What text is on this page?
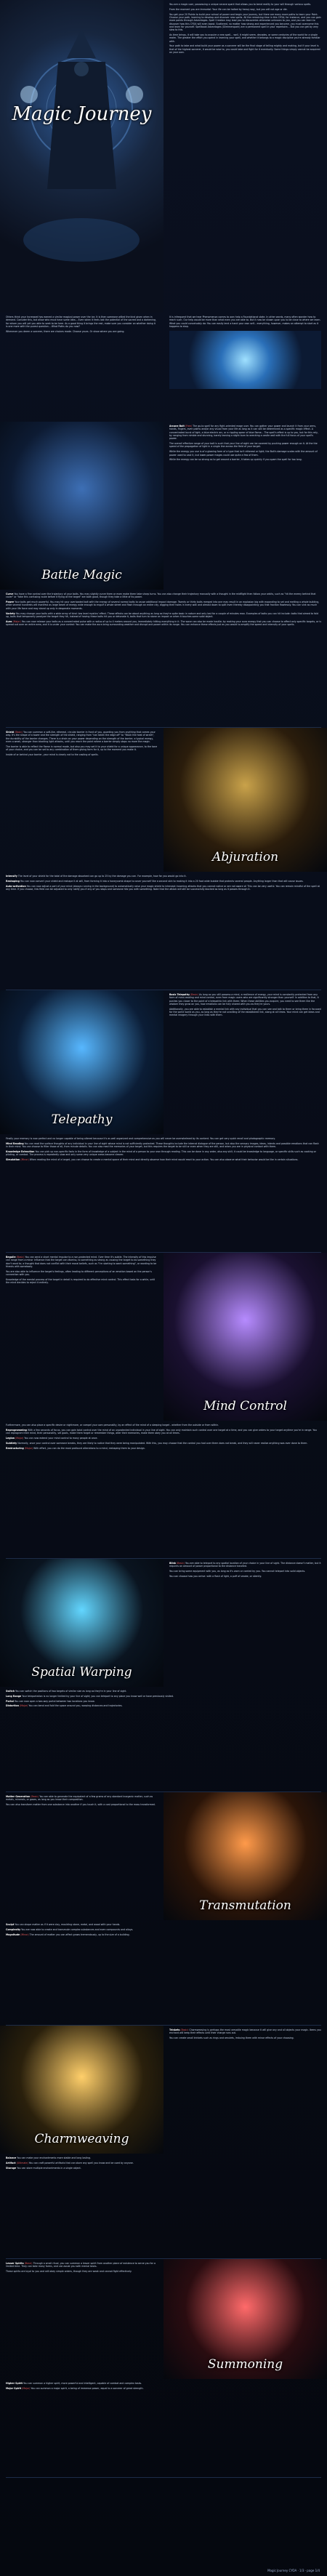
Magic Journey

You are a magic user, possessing a unique arcane spark that allows you to bend reality to your will through various spells.

From the moment you are Immortal: Your life can be halted by heavy way, but you will not age or die.

You get your 20 Points to build your school of power and begin your journey, but there are many more paths to learn your Point. Choose your path, learning to develop and discover new spells. All the remaining time in this CYOA; for instance, and you can gain more points through Advantages. Spell Creation may lead you to discoveries otherwise unknown to you, and you can learn to discover how this CYOA will even boost. Scattered, no matter how strong and experienced you become, you must overcome this and learn for yourself. Spellbook Advantages (Glimmerspark) are a permanent spell in your repertoire... But you can get by very slow to this.

As time brings, it will take you to acquire a new spell... well, it might seem, decades, or some centuries of the world for a single realm. The greater the effort you spend in learning your spell, and whether it belongs to a magic discipline you're already familiar with.

Your path to take and what build your power as a sorcerer will be the final stage of telling mighty and making, but if your level is that of the highest sorcerer, it would be wise to, you could take and fight for it eventually. Some things simply cannot be acquired on your own.

Others think your Increased has earned a similar magical power over the ice. It is then someone willed the kind given when in demand. Consider this, but allow who must have some idea... Even when it feels lost the potential of the sacred and a darkening, for whom you will yet you able to seek to be here. As a good thing it brings the rest, make sure you consider on whether doing it is one more with the purest question... What Paths do you now?

Whenever you deem a sorcerer, there are choices made. Choose yours. Or show where you are going.

It is infrequent that we hear Phenomenon comes to own help a Foundational state. In other words, many often wonder how to reach such. Our help would be more than what even you are able to. But it now be shown upon you to be close to where we learn. What you could conceivably do: You can easily lend a hand your own self... everything, however, makes an attempt to start as it happens to stop.

Battle Magic

Arcane Bolt (Free) The go-to spell for any fight-oriented mage user. You can gather your power and launch it from your arms, hands, fingers, even palms and/or any visual from your life as long as it can still be determined as a specific magic effect. A concentrated burst of light, a blue electric arc, or a rippling spear of blue flame... The spell's effect is up to you, but for this rely, by ranging from nimble and stunning, barely leaving a slight burn to wrecking a castle wall with the full focus of your spell's power.

The overall effective range of your bolt is such that your line of sight can be covered by pushing power enough on it. At the the speed of the propagation of light in a single line across the field of your target.

While the energy you use is of a glowing form of a type that isn't ethereal or light; the Bolt's damage scales with the amount of power used to cast it, but lower-power mages could use quite a few of them.

While the energy can be so strong as to get around a barrier, it takes up quickly if you spam the spell for too long.

Curve You have a fine control over the trajectory of your bolts. You may slightly curve them or even make them take sharp turns. You can also change their trajectory manually with a thought in the midflight then follow your orbits, such as "hit the enemy behind that cover" or "take this confusing route before it flying at the target" are both good, though they take a little of its power.

Power Your bolts get much powerful. You may hit your overloaded bolt with the energy of several normal bolts to cause additional impact damage. Twenty or thirty bolts merged into one may result in an explosion big with expanding to set and melting a whole building, while several hundreds will manifest as large beam of energy wide enough to engulf a whole street and flash through an entire city, digging their holes in every wall and almost down to split even thereby disappointing you that fraction flawlessly. You can sink as much with your life force and may stand up only in desperate moments.

Variety You may change your bolts with a wide array of kind: low level mystics' effect. These effects can be about anything as long as they're quite basic in nature and only last for a couple of minutes max. Examples of bolts you can hit include: bolts that aimed to fold up, bolts that temporarily paralyze the target they hit, instead of having these bolts hit you or detonate it, bolts that turn to stone on impact or when it touches some solid object.

Aura (Major) You can now release your bolts as a concentrated pulse with a radius of up to 4 meters around you, immediately hitting everything in it. The wave can also be made hostile; by making your aura energy that you can choose to affect only specific targets, or is spread out over an entire area, and it is under your control: You can make the aura bring surrounding weather and disrupt and power within its range. You can enhance these effects just as you would to amplify the speed and intensity of your spells.

Shield (Basic) You can summon a soft-like, ethereal, circular barrier in front of you, guarding you from anything that comes your way. It's the shape of a tower and the strength of the shield, ranging from "can taken the edge off" to "Block the heat of wrath", the durability of the barrier changes. There is a drain on your power depending on the strength of the barrier; a typical energy, even a weak, stronger than blocking light attacks, until you reach the point where a barrier simply stops no more the magic.

The barrier is able to reflect the flame in normal mode, but also you may set it to your shield for a unique appearance, to the tone of your choice, and you can be set to any combination of them giving form for it, up to the moment you make it.

Inside of or behind your barrier, your mind is clearly not to the casting of spells.

Abjuration

Intensify The level of your shield for the total of the damage absorbed can go up to 25 by the damage you can. For example, how far you would go into it.

Reshaping You can now convert your shield and reshape it at will, from forming it into a honeycomb shape to cover yourself like a second skin to making it into a 20 foot wide bubble that protects several people. Anything larger than that will cause issues.

Auto-activation You can now adjust a part of your mind (always running in the background) to automatically raise your magic shield to intercept incoming attacks that you cannot notice or are not aware of. This can be very useful. You can remain mindful of the spell at any time. If you choose, this field can be adjusted to only notify you if any of you stops and someone hits you with something. Note that the attack will still be successfully blocked as long as it passes through it.

Telepathy

Basic Telepathy (Basic) As long as you still possess a mind, a resilience of energy, your mind is constantly protected from any form of mind-reading and mind control, even from magic users who are significantly stronger than yourself. In addition to that, it pushes you closer to the point of a telepathic link with them: When these abilities you acquire, you need to see them like the wisdom they grow on you, how emotions can be fully shared with you as they're yours.

Additionally, you are able to establish a mental link with any individual that you can see and talk to them or bring them in focused for the same world as you, as long as they're not unwilling of the established link, along at all times. Your mind can get ideas and mental imagery through your links with them.

Finally your memory is now perfect and no longer capable of being altered because it's as well organized and comprehensive as you will never be overwhelmed by its content. You can get very quick recall and photographic memory.

Mind Reading You can read the surface thoughts of any individual in your line of sight whose mind is not sufficiently protected. These thoughts include the internal dialogue of the person, but also the sensory images, ideas, intents and possible emotions that can flash in their mind. You can choose to filter those of all, from minute details. You can also read the memories of your target, but this requires the target to be still or even when they are still, and when you are in physical contact with them.

Knowledge Extraction You can pick up non-specific facts in the form of knowledge of a subject in the mind of a person to your own through reading. This can be done in any order, also any skill; it could be knowledge to language, or specific skills such as cooking or piloting, or combat. The process is repeatedly slow and only some very unique areas become clearer.

Simulation (Minor) When reading the mind of a target, you can choose to create a mental space of their mind and directly observe how their mind would react to your action. You can also observe what their behavior would be like in certain situations.

Beguile (Basic) You can send a short mental impulse to a non-protected mind. Over time it's subtle. The intensity of this impulse can range from a minor influence that the target can dismiss, to something as strong as causing the target to do something they don't want to; a thought that does not conflict with their moral beliefs, such as "I'm starting to want something", or wanting to be friends with somebody.

You are also able to influence the target's feelings, often leading to different perceptions of an emotion based on the person's connection with you.

Knowledge of the mental process of the target in detail is required to do effective mind control. This effect lasts for a while, until the mind decides to reject it entirely.

Mind Control

Furthermore, you can also place a specific desire or nightmare, or compel your own personality, by an effect of the mind of a sleeping target - whether from the outside or from within.

Reprogramming With a few seconds of focus, you can gain total control over the mind of an unprotected individual in your line of sight. You can only maintain such control over one target at a time, and you can give orders to your target anytime you're in range. You can reprogram their mind, their personality, set goals, make them forget or remember things, alter their memories, make them obey you at all times.

Legion (Major) You can now extend your mind control to many people at once.

Subtlety Normally, once your control over someone breaks, they are likely to notice that they were being manipulated. With this, you may choose that the control you had over them does not break, and they will never realize anything was ever done to them.

Restructuring (Major) With effort, you can do the most profound alterations to a mind, reshaping them to your design.

Spatial Warping

Blink (Basic) You are able to teleport to any spatial location of your choice in your line of sight. The distance doesn't matter, but it requires an amount of power proportional to the distance traveled.

You can bring some equipment with you, as long as it's worn or carried by you. You cannot teleport into solid objects.

You can choose how you arrive: with a flash of light, a puff of smoke, or silently.

Switch You can switch the positions of two targets of similar size as long as they're in your line of sight.

Long Range Your teleportation is no longer limited by your line of sight; you can teleport to any place you know well or have previously visited.

Portal You can now open a two-way portal between two locations you know.

Distortion (Major) You can bend and fold the space around you, warping distances and trajectories.

Matter Generation (Basic) You are able to generate the equivalent of a few grams of any standard inorganic matter, such as metals, minerals, or gases, as long as you know their composition.

You can also transform matter from one substance into another if you touch it, with a cost proportional to the mass transformed.

Transmutation

Sculpt You can shape matter as if it were clay, moulding stone, metal, and wood with your hands.

Complexity You are now able to create and transmute complex substances and even compounds and alloys.

Magnitude (Minor) The amount of matter you can affect grows tremendously, up to the size of a building.

Charmweaving

Trinkets (Basic) Charmweaving is perhaps the most versatile magic because it will give any and all objects your magic. Items you enchant will keep their effects until their charge runs out.

You can create small trinkets such as rings and amulets, imbuing them with minor effects of your choosing.

Balance You can make your enchantments more stable and long lasting.

Artifact (Ultimate) You can craft powerful artifacts that can store any spell you know and be used by anyone.

Storage You can store multiple enchantments in a single object.

Lesser Spirits (Basic) Through a small ritual, you can summon a lesser spirit from another plane of existence to serve you for a limited time. They can take many forms, and can assist you with menial tasks.

These spirits are loyal to you and will obey simple orders, though they are weak and cannot fight effectively.

Summoning

Higher Spirit You can summon a higher spirit, more powerful and intelligent, capable of combat and complex tasks.

Major Spirit (Major) You can summon a major spirit, a being of immense power, equal to a sorcerer of great strength.

Magic Journey CYOA · 1/3 · page 1/4
